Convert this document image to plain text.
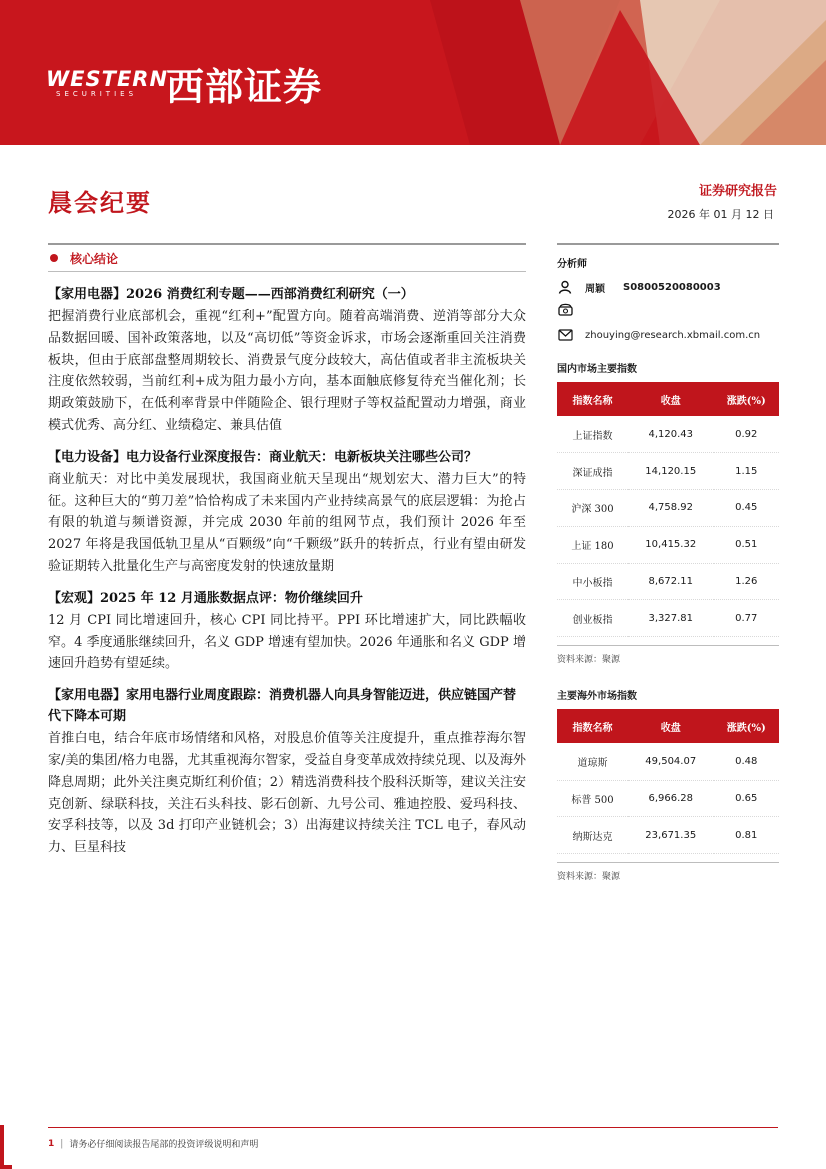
WESTERN
SECURITIES 西部证券
晨会纪要	证券研究报告
2026 年 01 月 12 日
核心结论
【家用电器】2026 消费红利专题——西部消费红利研究（一）
把握消费行业底部机会，重视“红利+”配置方向。随着高端消费、逆消等部分大众品数据回暖、国补政策落地，以及“高切低”等资金诉求，市场会逐渐重回关注消费板块，但由于底部盘整周期较长、消费景气度分歧较大，高估值或者非主流板块关注度依然较弱，当前红利+成为阻力最小方向，基本面触底修复待充当催化剂；长期政策鼓励下，在低利率背景中伴随险企、银行理财子等权益配置动力增强，商业模式优秀、高分红、业绩稳定、兼具估值
【电力设备】电力设备行业深度报告：商业航天：电新板块关注哪些公司？
商业航天：对比中美发展现状，我国商业航天呈现出“规划宏大、潜力巨大”的特征。这种巨大的“剪刀差”恰恰构成了未来国内产业持续高景气的底层逻辑：为抢占有限的轨道与频谱资源，并完成 2030 年前的组网节点，我们预计 2026 年至 2027 年将是我国低轨卫星从“百颗级”向“千颗级”跃升的转折点，行业有望由研发验证期转入批量化生产与高密度发射的快速放量期
【宏观】2025 年 12 月通胀数据点评：物价继续回升
12 月 CPI 同比增速回升，核心 CPI 同比持平。PPI 环比增速扩大，同比跌幅收窄。4 季度通胀继续回升，名义 GDP 增速有望加快。2026 年通胀和名义 GDP 增速回升趋势有望延续。
【家用电器】家用电器行业周度跟踪：消费机器人向具身智能迈进，供应链国产替代下降本可期
首推白电，结合年底市场情绪和风格，对股息价值等关注度提升，重点推荐海尔智家/美的集团/格力电器，尤其重视海尔智家，受益自身变革成效持续兑现、以及海外降息周期；此外关注奥克斯红利价值；2）精选消费科技个股科沃斯等，建议关注安克创新、绿联科技，关注石头科技、影石创新、九号公司、雅迪控股、爱玛科技、安孚科技等，以及 3d 打印产业链机会；3）出海建议持续关注 TCL 电子，春风动力、巨星科技
分析师
周颖 S0800520080003
zhouying@research.xbmail.com.cn
国内市场主要指数
指数名称	收盘	涨跌(%)
上证指数	4,120.43	0.92
深证成指	14,120.15	1.15
沪深 300	4,758.92	0.45
上证 180	10,415.32	0.51
中小板指	8,672.11	1.26
创业板指	3,327.81	0.77
资料来源：聚源
主要海外市场指数
指数名称	收盘	涨跌(%)
道琼斯	49,504.07	0.48
标普 500	6,966.28	0.65
纳斯达克	23,671.35	0.81
资料来源：聚源
1 | 请务必仔细阅读报告尾部的投资评级说明和声明
